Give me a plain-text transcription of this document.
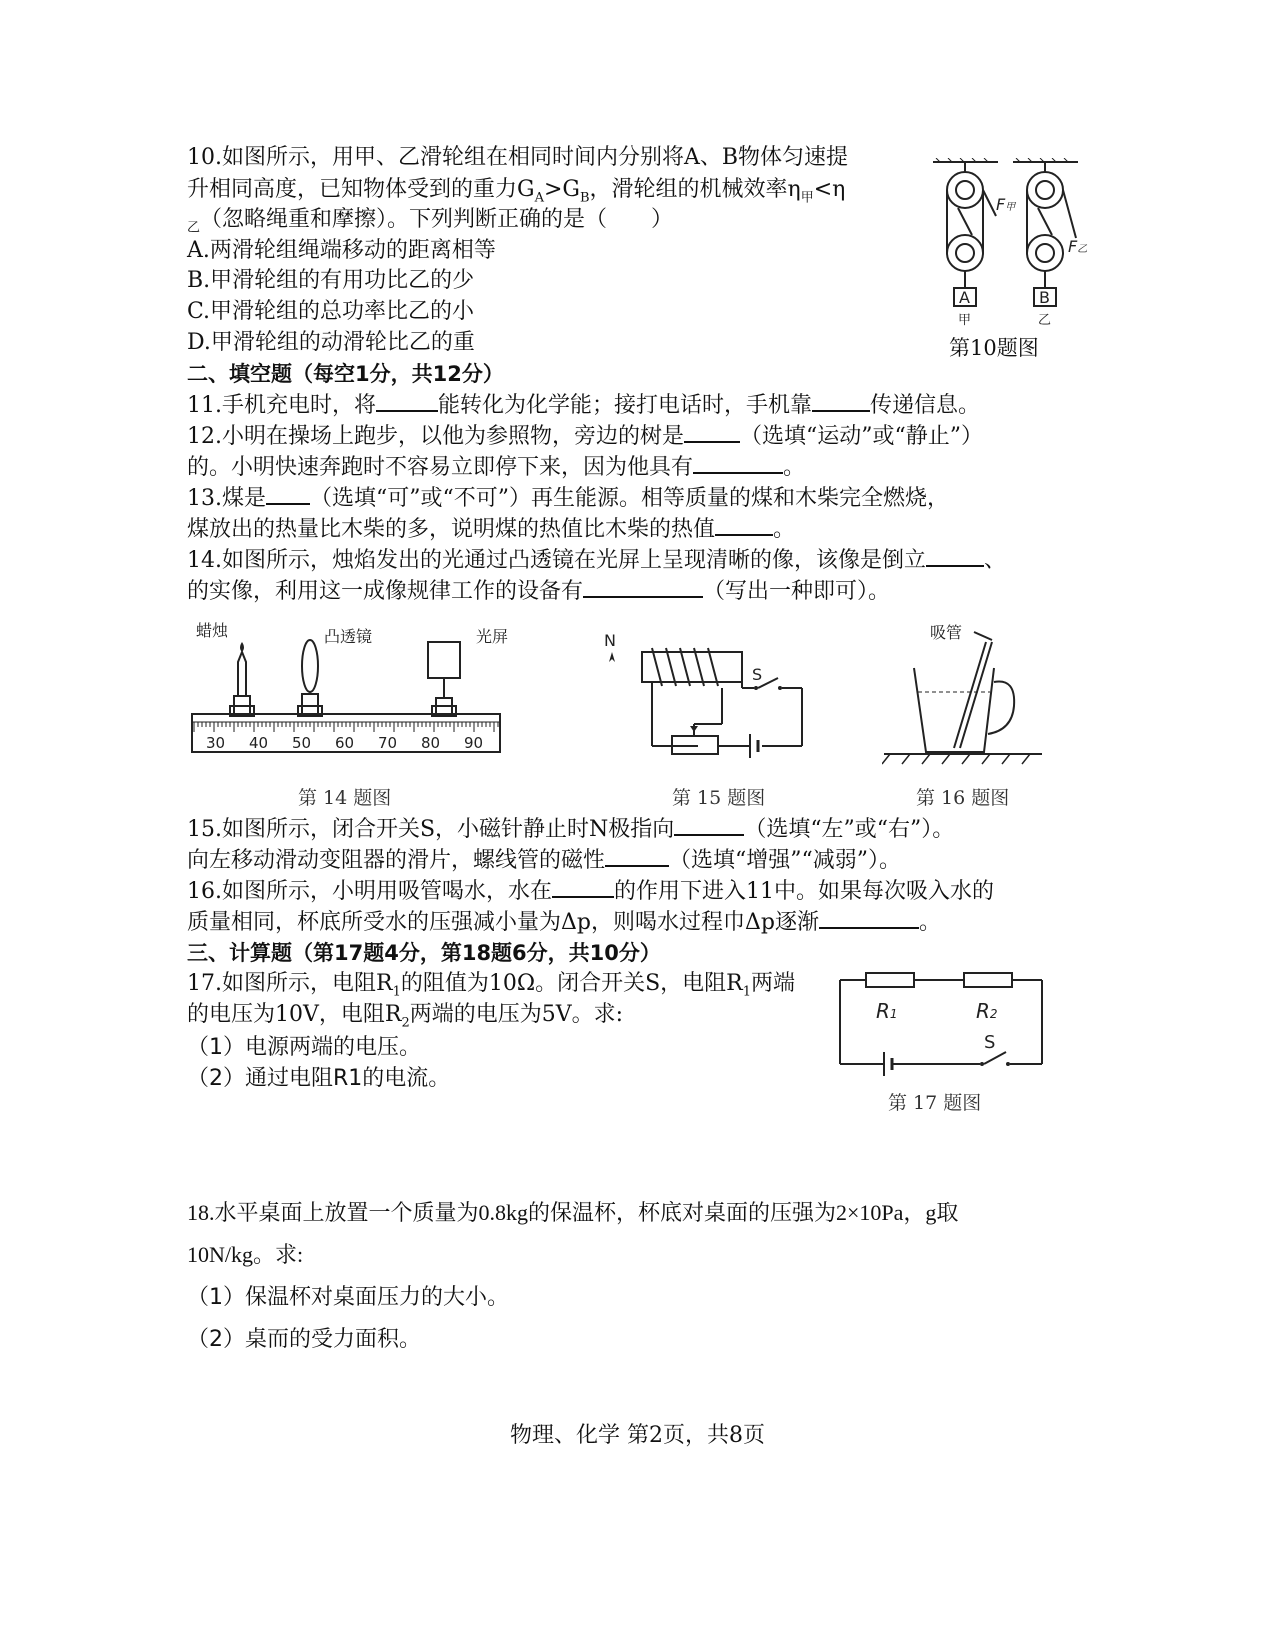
10.如图所示，用甲、乙滑轮组在相同时间内分别将A、B物体匀速提
升相同高度，已知物体受到的重力$G_A>G_B$，滑轮组的机械效率$\eta_甲<\eta$
$_乙$（忽略绳重和摩擦）。下列判断正确的是（　　）
A.两滑轮组绳端移动的距离相等
B.甲滑轮组的有用功比乙的少
C.甲滑轮组的总功率比乙的小
D.甲滑轮组的动滑轮比乙的重
A	B
甲	乙
F甲
F乙
第10题图
二、填空题（每空1分，共12分）
11.手机充电时，将	能转化为化学能；接打电话时，手机靠	传递信息。
12.小明在操场上跑步，以他为参照物，旁边的树是	（选填“运动”或“静止”）
的。小明快速奔跑时不容易立即停下来，因为他具有	。
13.煤是 （选填“可”或“不可”）再生能源。相等质量的煤和木柴完全燃烧，
煤放出的热量比木柴的多，说明煤的热值比木柴的热值	。
14.如图所示，烛焰发出的光通过凸透镜在光屏上呈现清晰的像，该像是倒立	、
的实像，利用这一成像规律工作的设备有	（写出一种即可）。
蜡烛	凸透镜	光屏
30 40 50 60 70 80 90
第 14 题图
N
S
第 15 题图
吸管
第 16 题图
15.如图所示，闭合开关S，小磁针静止时N极指向	（选填“左”或“右”）。
向左移动滑动变阻器的滑片，螺线管的磁性	（选填“增强”“减弱”）。
16.如图所示，小明用吸管喝水，水在	的作用下进入11中。如果每次吸入水的
质量相同，杯底所受水的压强减小量为Δp，则喝水过程巾Δp逐渐	。
三、计算题（第17题4分，第18题6分，共10分）
17.如图所示，电阻$R_1$的阻值为10Ω。闭合开关S，电阻$R_1$两端
的电压为10V，电阻$R_2$两端的电压为5V。求:
（1）电源两端的电压。
（2）通过电阻R1的电流。
R1	R2
S
第 17 题图
18.水平桌面上放置一个质量为0.8kg的保温杯，杯底对桌面的压强为2×10Pa，g取
10N/kg。求:
（1）保温杯对桌面压力的大小。
（2）桌而的受力面积。
物理、化学 第2页，共8页
